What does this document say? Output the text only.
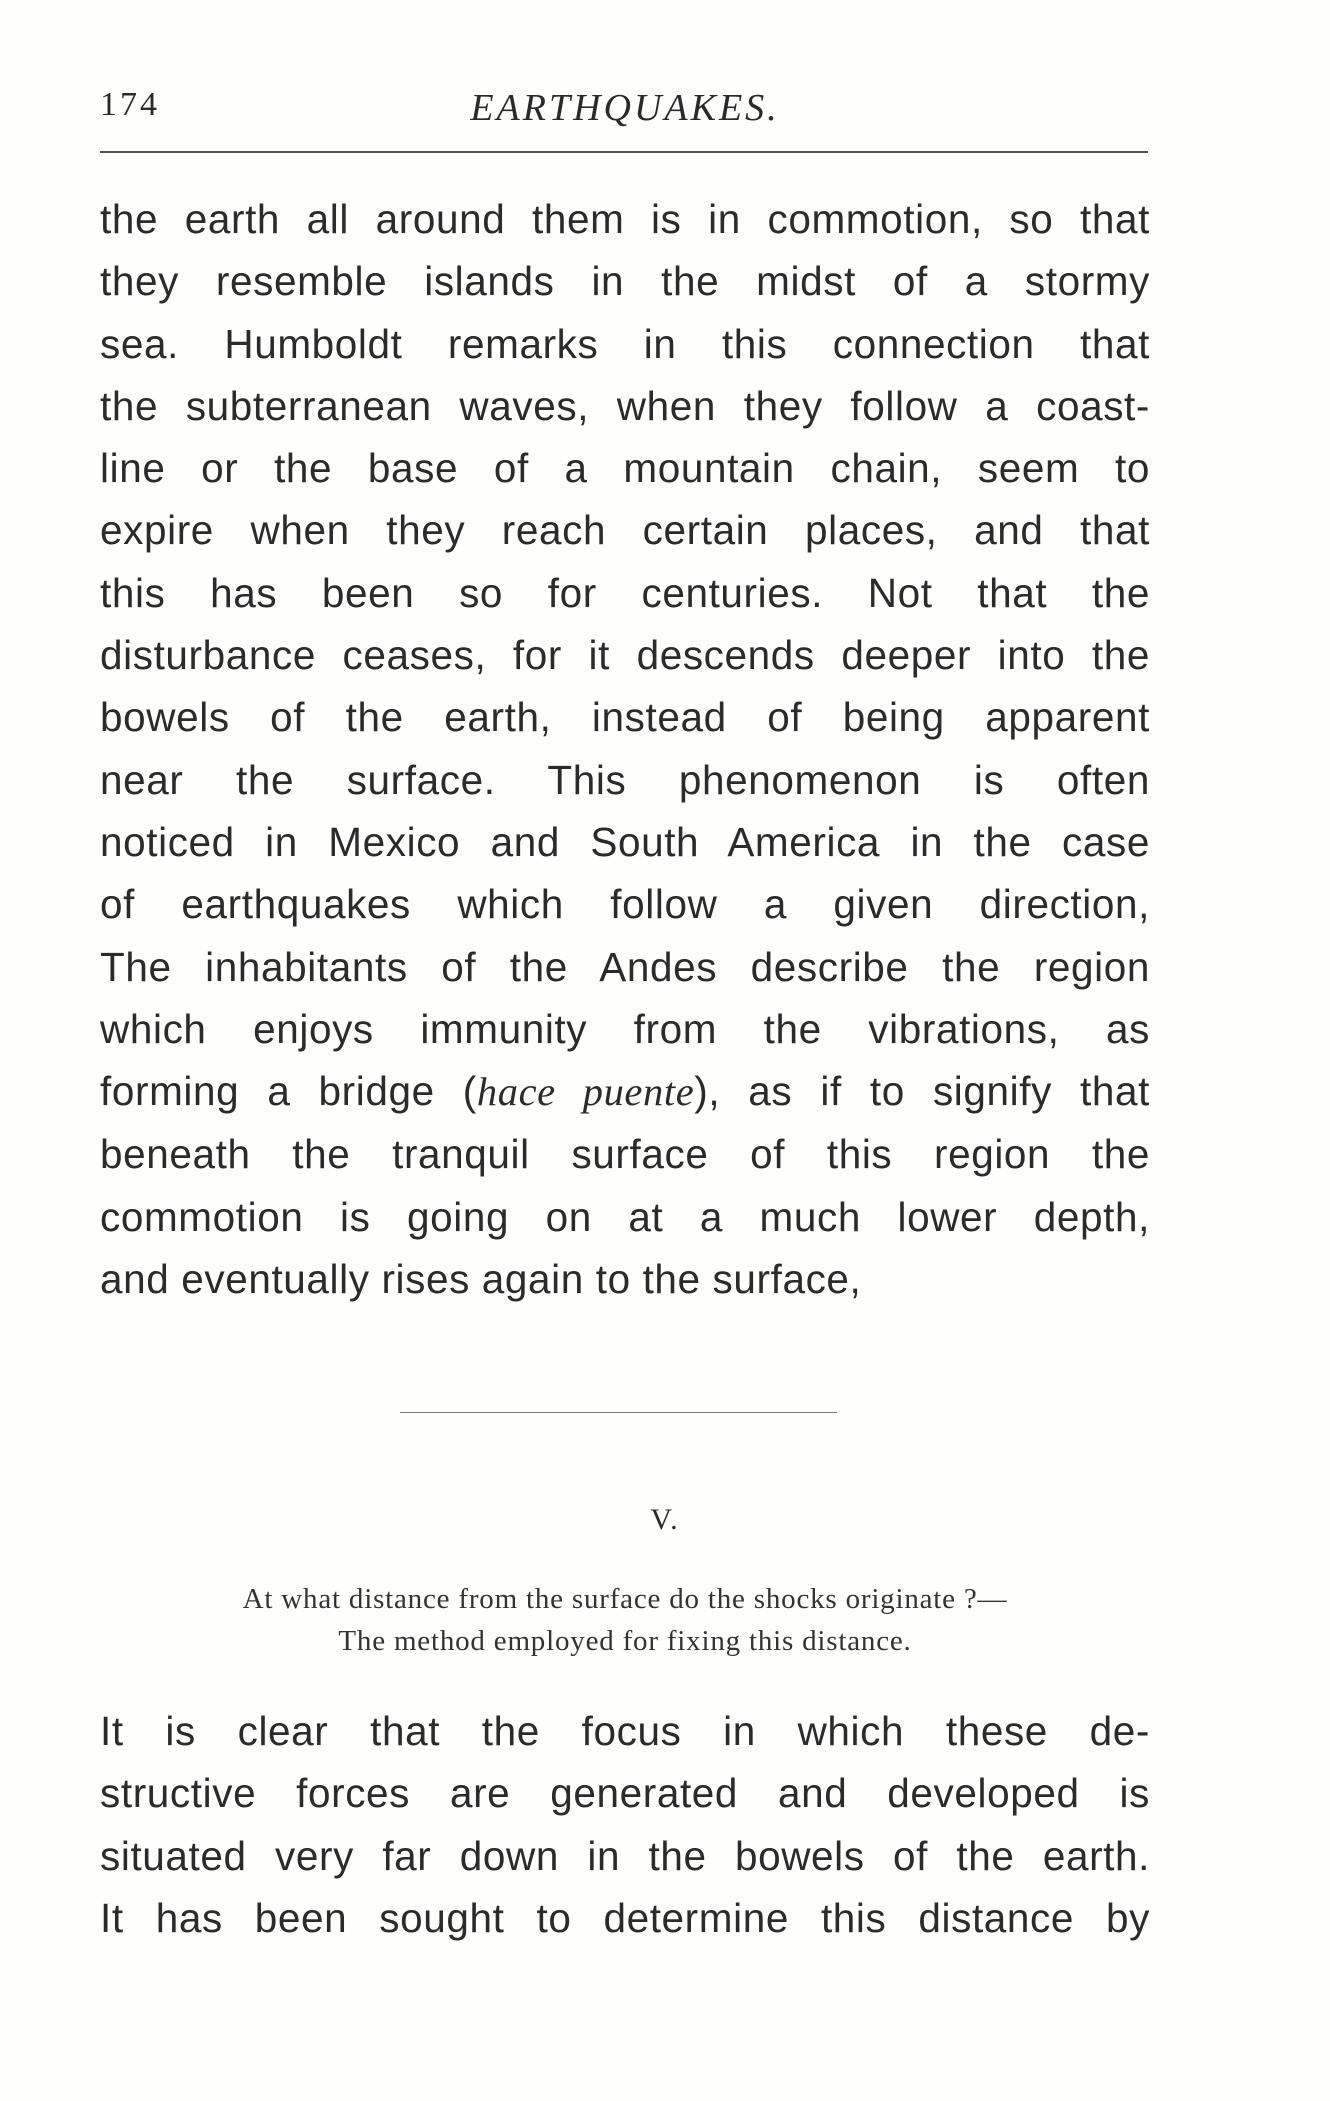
174	EARTHQUAKES.
the earth all around them is in commotion, so that
they resemble islands in the midst of a stormy
sea. Humboldt remarks in this connection that
the subterranean waves, when they follow a coast-
line or the base of a mountain chain, seem to
expire when they reach certain places, and that
this has been so for centuries. Not that the
disturbance ceases, for it descends deeper into the
bowels of the earth, instead of being apparent
near the surface. This phenomenon is often
noticed in Mexico and South America in the case
of earthquakes which follow a given direction,
The inhabitants of the Andes describe the region
which enjoys immunity from the vibrations, as
forming a bridge (hace puente), as if to signify that
beneath the tranquil surface of this region the
commotion is going on at a much lower depth,
and eventually rises again to the surface,
V.
At what distance from the surface do the shocks originate ?—
The method employed for fixing this distance.
It is clear that the focus in which these de-
structive forces are generated and developed is
situated very far down in the bowels of the earth.
It has been sought to determine this distance by
